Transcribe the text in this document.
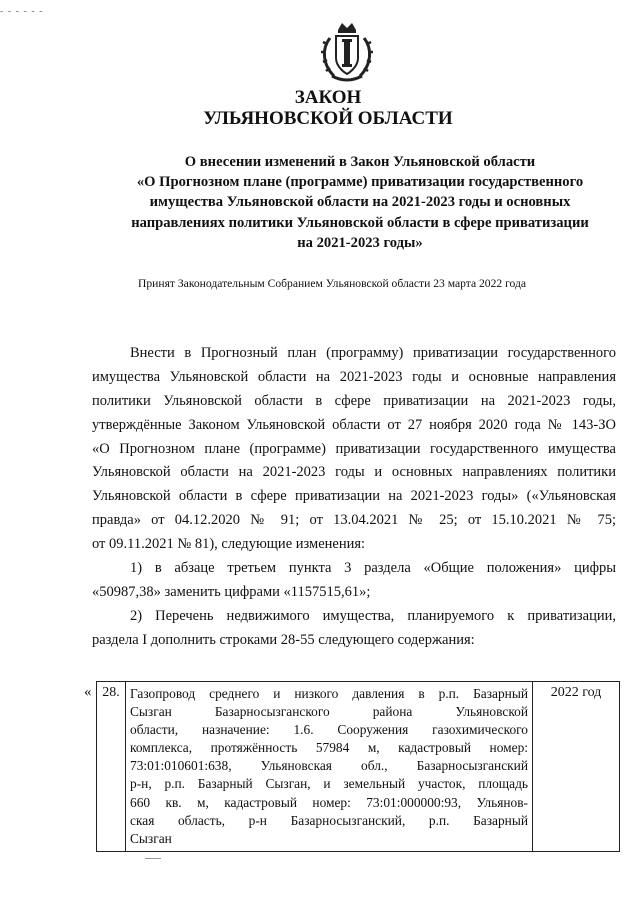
- - - - - -
ЗАКОН
УЛЬЯНОВСКОЙ ОБЛАСТИ
О внесении изменений в Закон Ульяновской области
«О Прогнозном плане (программе) приватизации государственного
имущества Ульяновской области на 2021-2023 годы и основных
направлениях политики Ульяновской области в сфере приватизации
на 2021-2023 годы»
Принят Законодательным Собранием Ульяновской области 23 марта 2022 года
Внести в Прогнозный план (программу) приватизации государственного
имущества Ульяновской области на 2021-2023 годы и основные направления
политики Ульяновской области в сфере приватизации на 2021-2023 годы,
утверждённые Законом Ульяновской области от 27 ноября 2020 года № 143-ЗО
«О Прогнозном плане (программе) приватизации государственного имущества
Ульяновской области на 2021-2023 годы и основных направлениях политики
Ульяновской области в сфере приватизации на 2021-2023 годы» («Ульяновская
правда» от 04.12.2020 № 91; от 13.04.2021 № 25; от 15.10.2021 № 75;
от 09.11.2021 № 81), следующие изменения:
1) в абзаце третьем пункта 3 раздела «Общие положения» цифры
«50987,38» заменить цифрами «1157515,61»;
2) Перечень недвижимого имущества, планируемого к приватизации,
раздела I дополнить строками 28-55 следующего содержания:
« 28.	Газопровод среднего и низкого давления в р.п. Базарный
Сызган Базарносызганского района Ульяновской
области, назначение: 1.6. Сооружения газохимического
комплекса, протяжённость 57984 м, кадастровый номер:
73:01:010601:638, Ульяновская обл., Базарносызганский
р-н, р.п. Базарный Сызган, и земельный участок, площадь
660 кв. м, кадастровый номер: 73:01:000000:93, Ульянов-
ская область, р-н Базарносызганский, р.п. Базарный
Сызган
	2022 год
